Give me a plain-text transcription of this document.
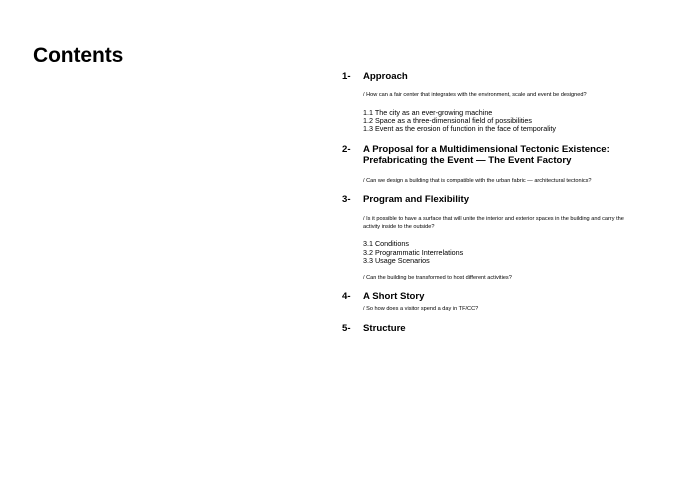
Contents
1-	Approach
/ How can a fair center that integrates with the environment, scale and event be designed?
1.1 The city as an ever-growing machine
1.2 Space as a three-dimensional field of possibilities
1.3 Event as the erosion of function in the face of temporality
2-	A Proposal for a Multidimensional Tectonic Existence:
Prefabricating the Event — The Event Factory
/ Can we design a building that is compatible with the urban fabric — architectural tectonics?
3-	Program and Flexibility
/ Is it possible to have a surface that will unite the interior and exterior spaces in the building and carry the
activity inside to the outside?
3.1 Conditions
3.2 Programmatic Interrelations
3.3 Usage Scenarios
/ Can the building be transformed to host different activities?
4-	A Short Story
/ So how does a visitor spend a day in TF/CC?
5-	Structure
